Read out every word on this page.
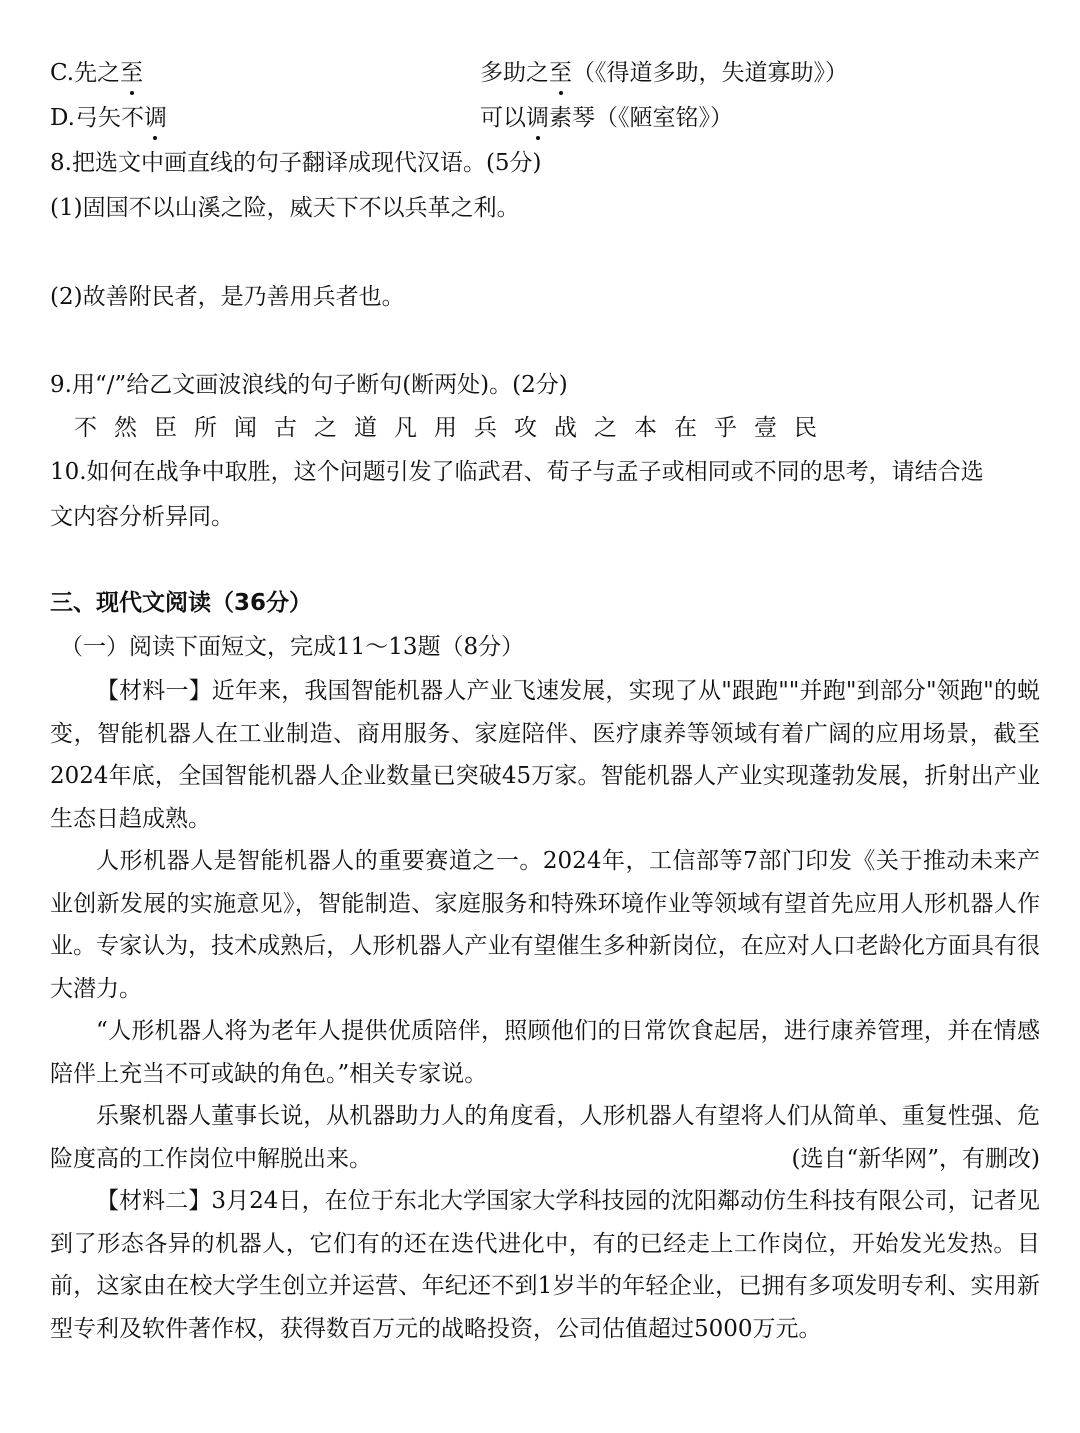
C.先之至	多助之至（《得道多助，失道寡助》）
D.弓矢不调	可以调素琴（《陋室铭》）
8.把选文中画直线的句子翻译成现代汉语。(5分)
(1)固国不以山溪之险，威天下不以兵革之利。
(2)故善附民者，是乃善用兵者也。
9.用“/”给乙文画波浪线的句子断句(断两处)。(2分)
不然臣所闻古之道凡用兵攻战之本在乎壹民
10.如何在战争中取胜，这个问题引发了临武君、荀子与孟子或相同或不同的思考，请结合选
文内容分析异同。
三、现代文阅读（36分）
（一）阅读下面短文，完成11～13题（8分）
【材料一】近年来，我国智能机器人产业飞速发展，实现了从"跟跑""并跑"到部分"领跑"的蜕变，智能机器人在工业制造、商用服务、家庭陪伴、医疗康养等领域有着广阔的应用场景，截至2024年底，全国智能机器人企业数量已突破45万家。智能机器人产业实现蓬勃发展，折射出产业生态日趋成熟。
人形机器人是智能机器人的重要赛道之一。2024年，工信部等7部门印发《关于推动未来产业创新发展的实施意见》，智能制造、家庭服务和特殊环境作业等领域有望首先应用人形机器人作业。专家认为，技术成熟后，人形机器人产业有望催生多种新岗位，在应对人口老龄化方面具有很大潜力。
“人形机器人将为老年人提供优质陪伴，照顾他们的日常饮食起居，进行康养管理，并在情感陪伴上充当不可或缺的角色。”相关专家说。
乐聚机器人董事长说，从机器助力人的角度看，人形机器人有望将人们从简单、重复性强、危险度高的工作岗位中解脱出来。	(选自“新华网”，有删改)
【材料二】3月24日，在位于东北大学国家大学科技园的沈阳鄰动仿生科技有限公司，记者见到了形态各异的机器人，它们有的还在迭代进化中，有的已经走上工作岗位，开始发光发热。目前，这家由在校大学生创立并运营、年纪还不到1岁半的年轻企业，已拥有多项发明专利、实用新型专利及软件著作权，获得数百万元的战略投资，公司估值超过5000万元。
